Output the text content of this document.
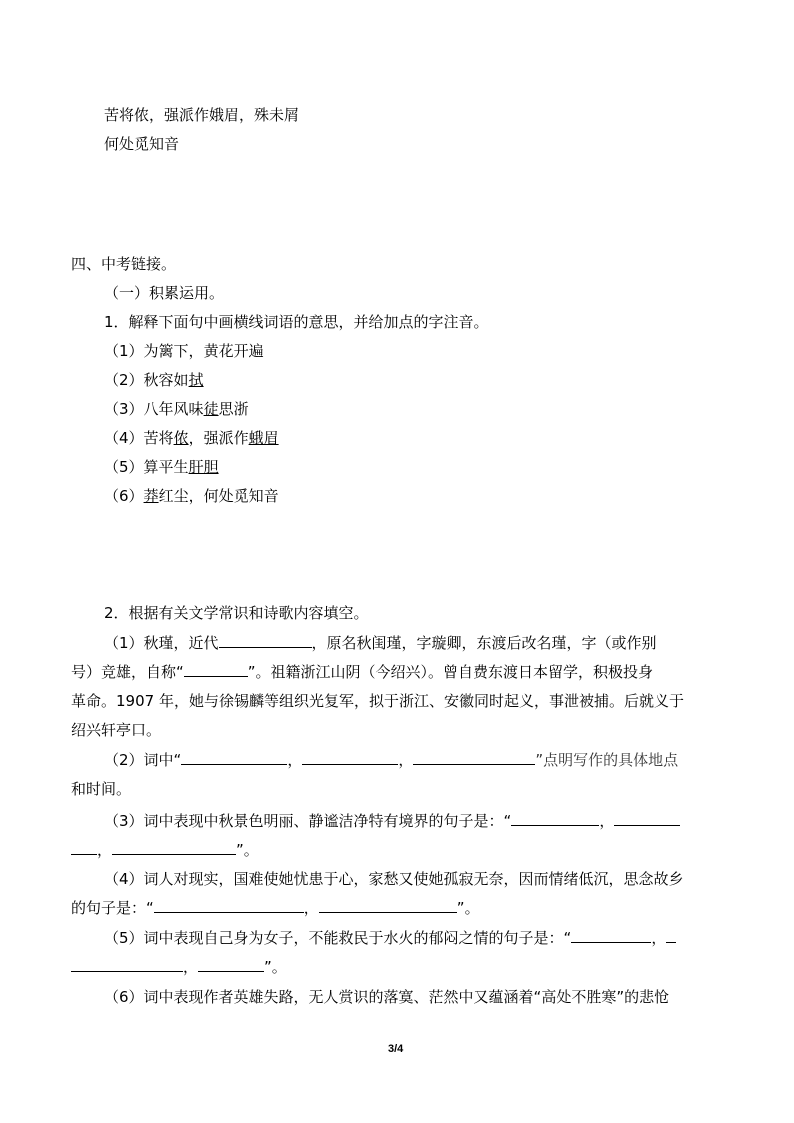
苦将侬，强派作娥眉，殊未屑
何处觅知音
四、中考链接。
（一）积累运用。
1．解释下面句中画横线词语的意思，并给加点的字注音。
（1）为篱下，黄花开遍
（2）秋容如拭
（3）八年风味徒思浙
（4）苦将侬，强派作蛾眉
（5）算平生肝胆
（6）莽红尘，何处觅知音
2．根据有关文学常识和诗歌内容填空。
（1）秋瑾，近代	，原名秋闺瑾，字璇卿，东渡后改名瑾，字（或作别
号）竞雄，自称“	”。祖籍浙江山阴（今绍兴）。曾自费东渡日本留学，积极投身
革命。1907 年，她与徐锡麟等组织光复军，拟于浙江、安徽同时起义，事泄被捕。后就义于
绍兴轩亭口。
（2）词中“	，	，	”点明写作的具体地点
和时间。
（3）词中表现中秋景色明丽、静谧洁净特有境界的句子是：“	，
，	”。
（4）词人对现实，国难使她忧患于心，家愁又使她孤寂无奈，因而情绪低沉，思念故乡
的句子是：“	，	”。
（5）词中表现自己身为女子，不能救民于水火的郁闷之情的句子是：“	，
，	”。
（6）词中表现作者英雄失路，无人赏识的落寞、茫然中又蕴涵着“高处不胜寒”的悲怆
3/4
